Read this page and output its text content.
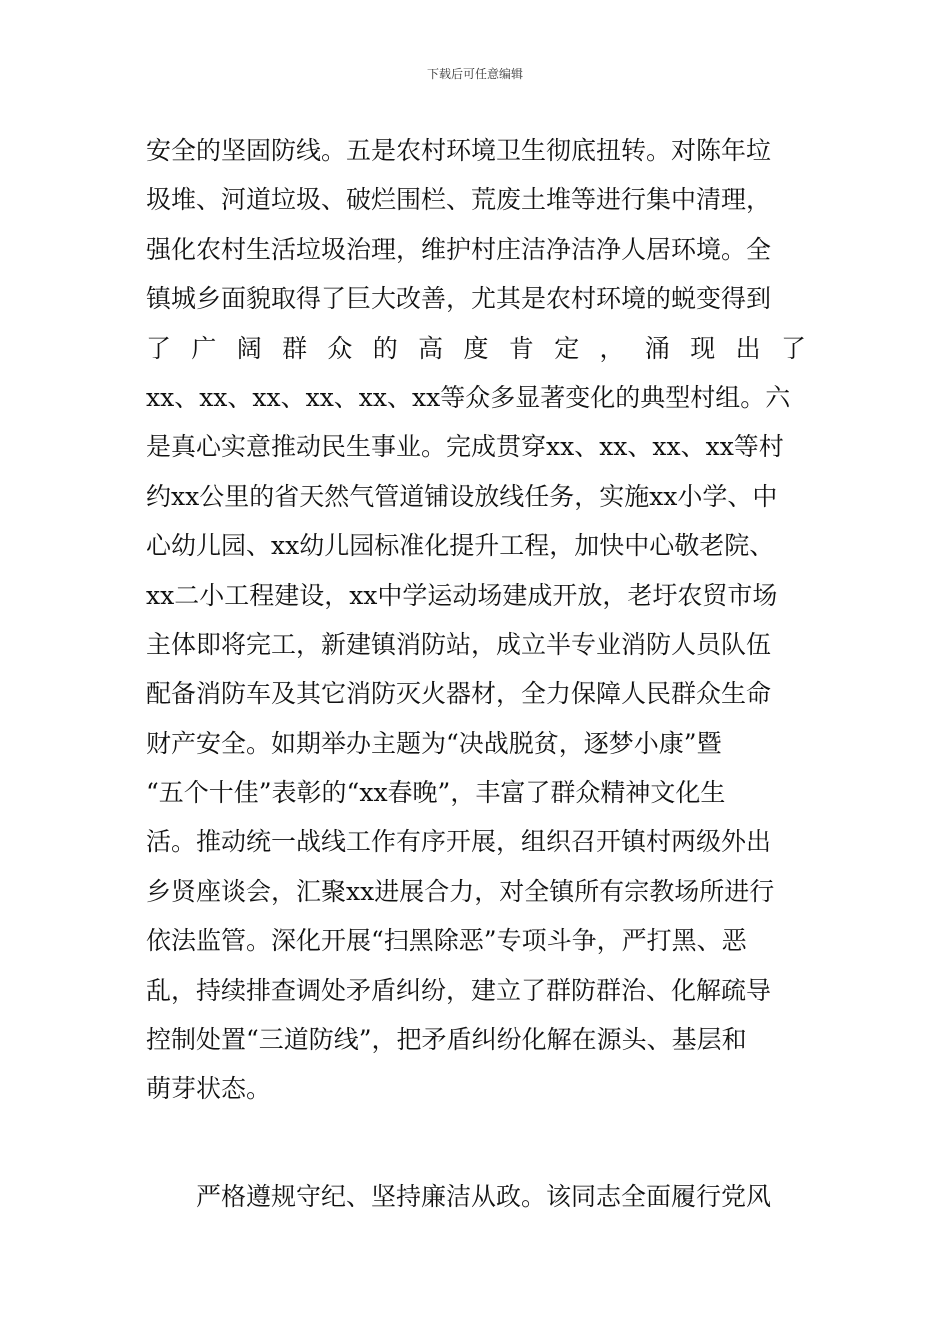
下载后可任意编辑
安全的坚固防线。五是农村环境卫生彻底扭转。对陈年垃
圾堆、河道垃圾、破烂围栏、荒废土堆等进行集中清理，
强化农村生活垃圾治理，维护村庄洁净洁净人居环境。全
镇城乡面貌取得了巨大改善，尤其是农村环境的蜕变得到
了广阔群众的高度肯定，涌现出了
xx、xx、xx、xx、xx、xx等众多显著变化的典型村组。六
是真心实意推动民生事业。完成贯穿xx、xx、xx、xx等村
约xx公里的省天然气管道铺设放线任务，实施xx小学、中
心幼儿园、xx幼儿园标准化提升工程，加快中心敬老院、
xx二小工程建设，xx中学运动场建成开放，老圩农贸市场
主体即将完工，新建镇消防站，成立半专业消防人员队伍
配备消防车及其它消防灭火器材，全力保障人民群众生命
财产安全。如期举办主题为“决战脱贫，逐梦小康”暨
“五个十佳”表彰的“xx春晚”，丰富了群众精神文化生
活。推动统一战线工作有序开展，组织召开镇村两级外出
乡贤座谈会，汇聚xx进展合力，对全镇所有宗教场所进行
依法监管。深化开展“扫黑除恶”专项斗争，严打黑、恶
乱，持续排查调处矛盾纠纷，建立了群防群治、化解疏导
控制处置“三道防线”，把矛盾纠纷化解在源头、基层和
萌芽状态。
严格遵规守纪、坚持廉洁从政。该同志全面履行党风
